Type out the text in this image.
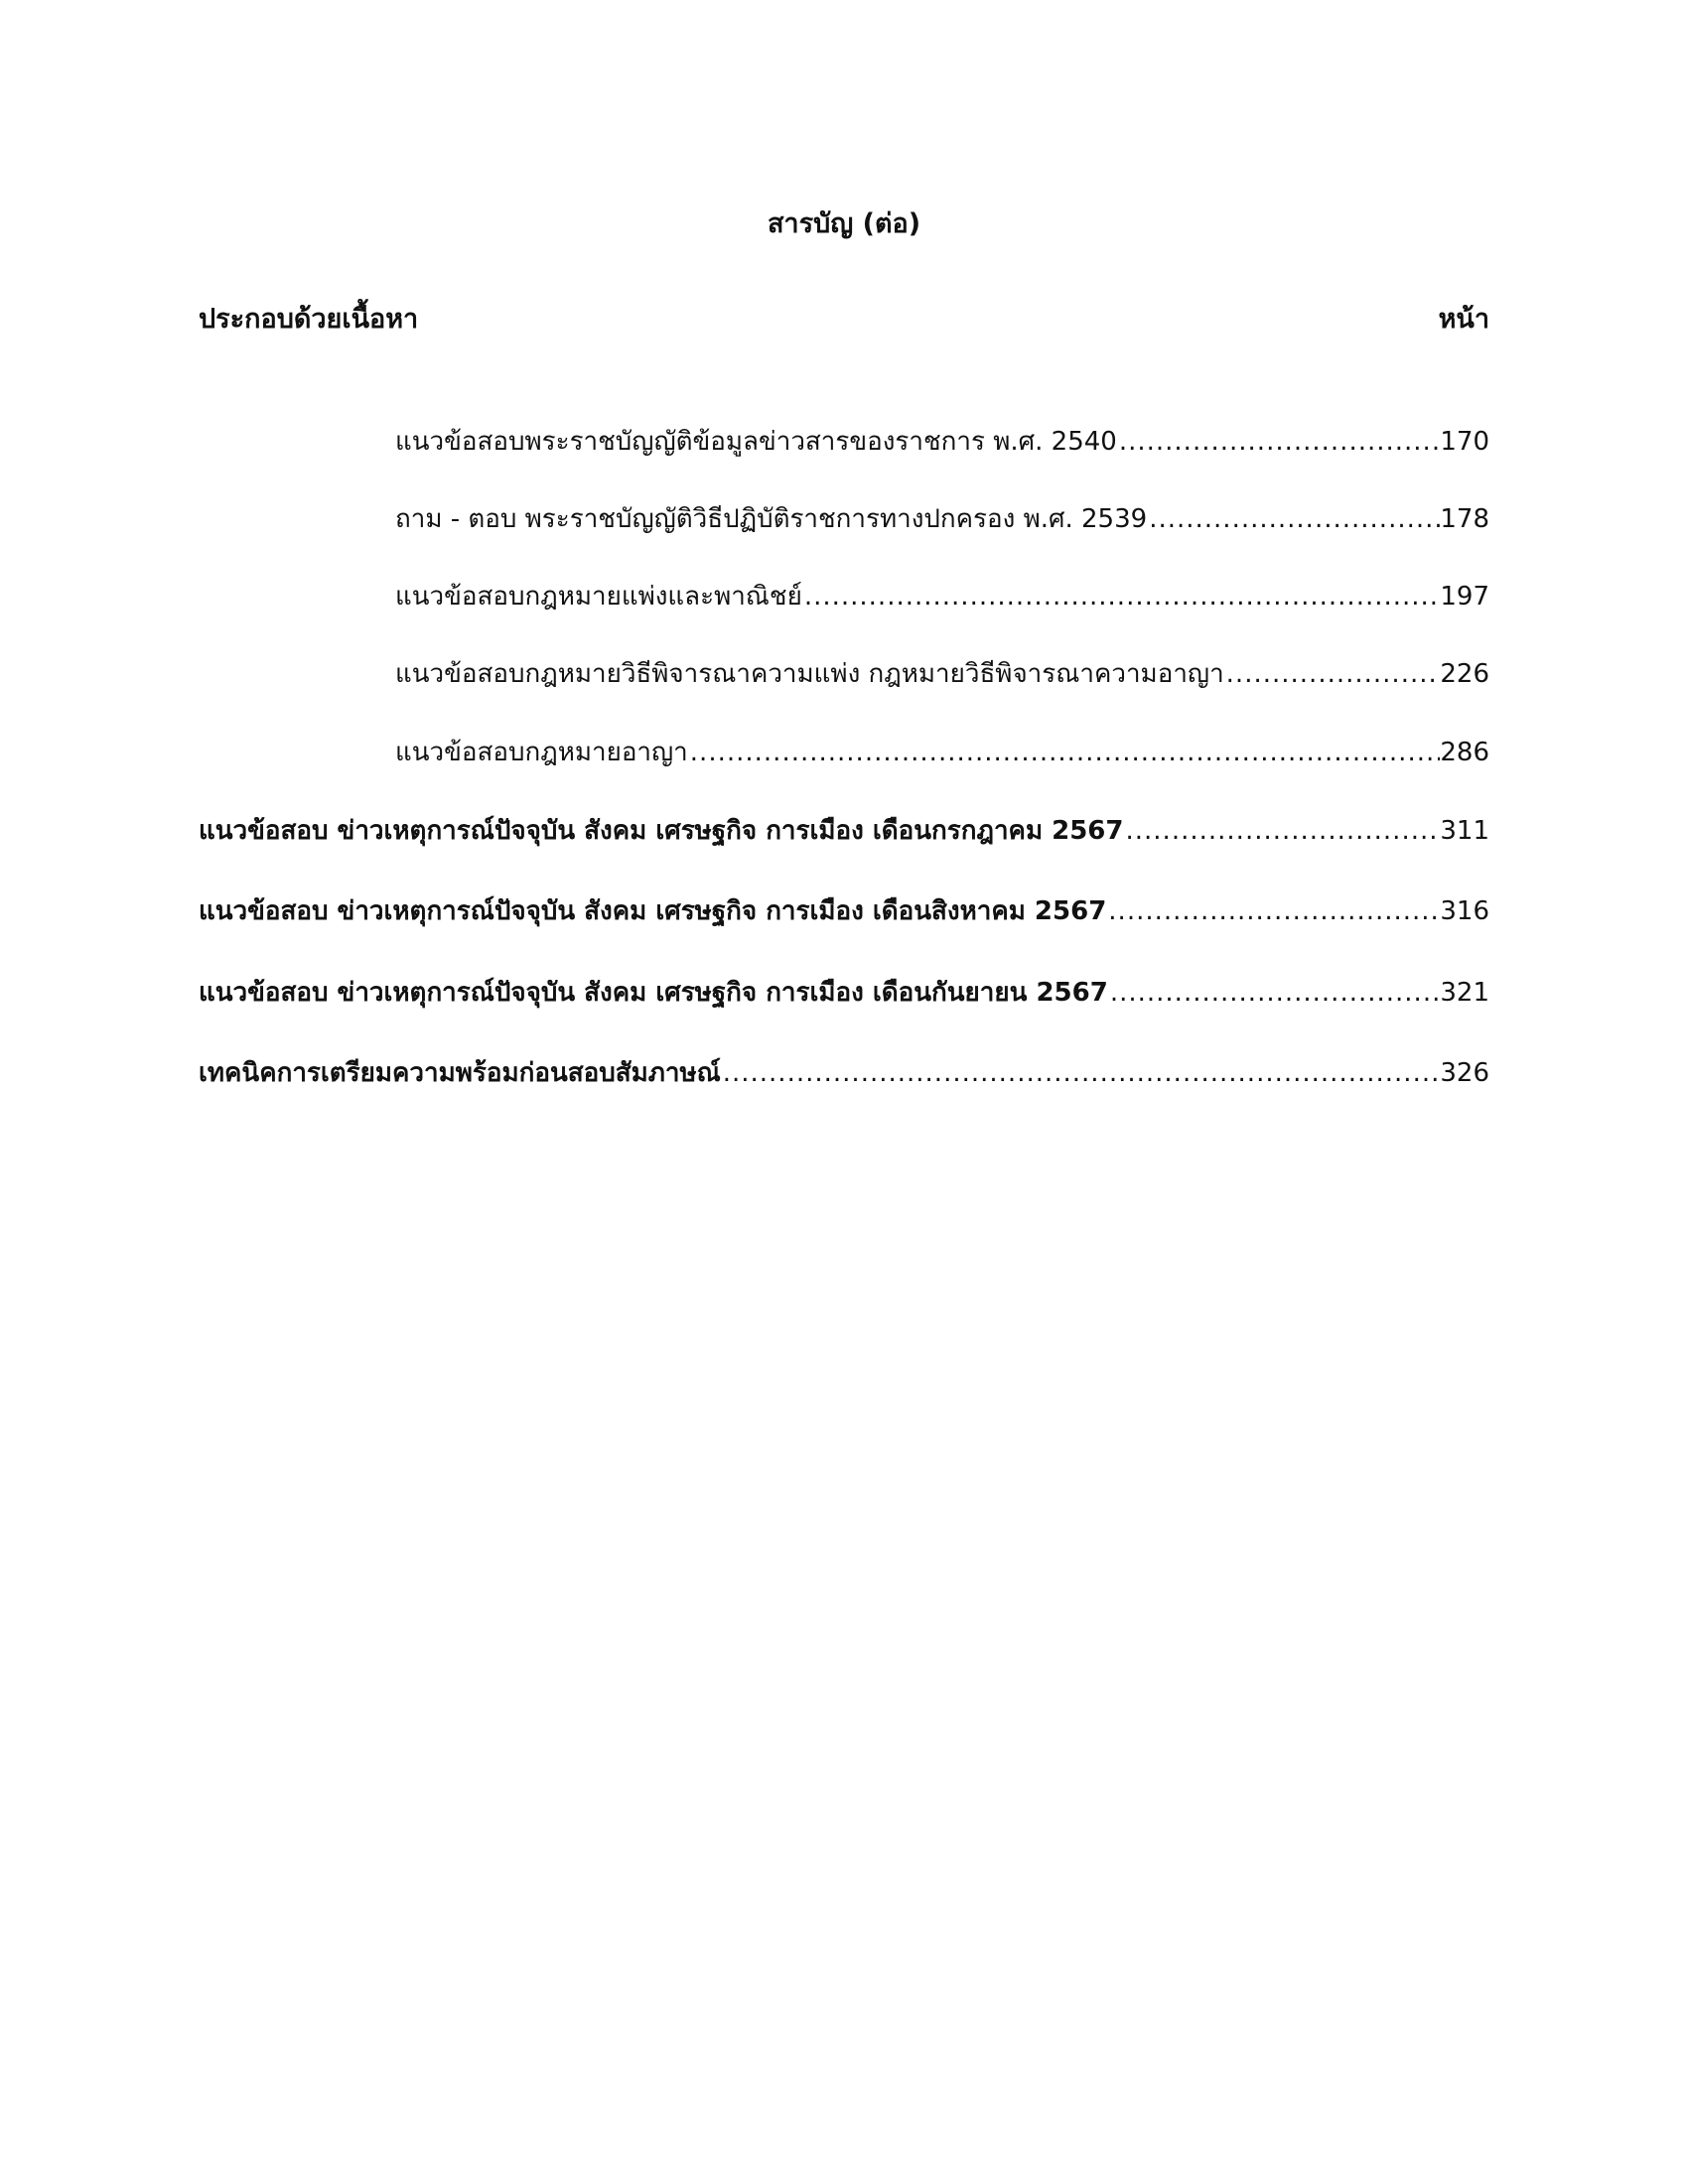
สารบัญ (ต่อ)
ประกอบด้วยเนื้อหา	หน้า
แนวข้อสอบพระราชบัญญัติข้อมูลข่าวสารของราชการ พ.ศ. 2540 .....	170
ถาม - ตอบ พระราชบัญญัติวิธีปฏิบัติราชการทางปกครอง พ.ศ. 2539 .....	178
แนวข้อสอบกฎหมายแพ่งและพาณิชย์ .....	197
แนวข้อสอบกฎหมายวิธีพิจารณาความแพ่ง กฎหมายวิธีพิจารณาความอาญา .....	226
แนวข้อสอบกฎหมายอาญา .....	286
แนวข้อสอบ ข่าวเหตุการณ์ปัจจุบัน สังคม เศรษฐกิจ การเมือง เดือนกรกฎาคม 2567 .....	311
แนวข้อสอบ ข่าวเหตุการณ์ปัจจุบัน สังคม เศรษฐกิจ การเมือง เดือนสิงหาคม 2567 .....	316
แนวข้อสอบ ข่าวเหตุการณ์ปัจจุบัน สังคม เศรษฐกิจ การเมือง เดือนกันยายน 2567 .....	321
เทคนิคการเตรียมความพร้อมก่อนสอบสัมภาษณ์ .....	326
